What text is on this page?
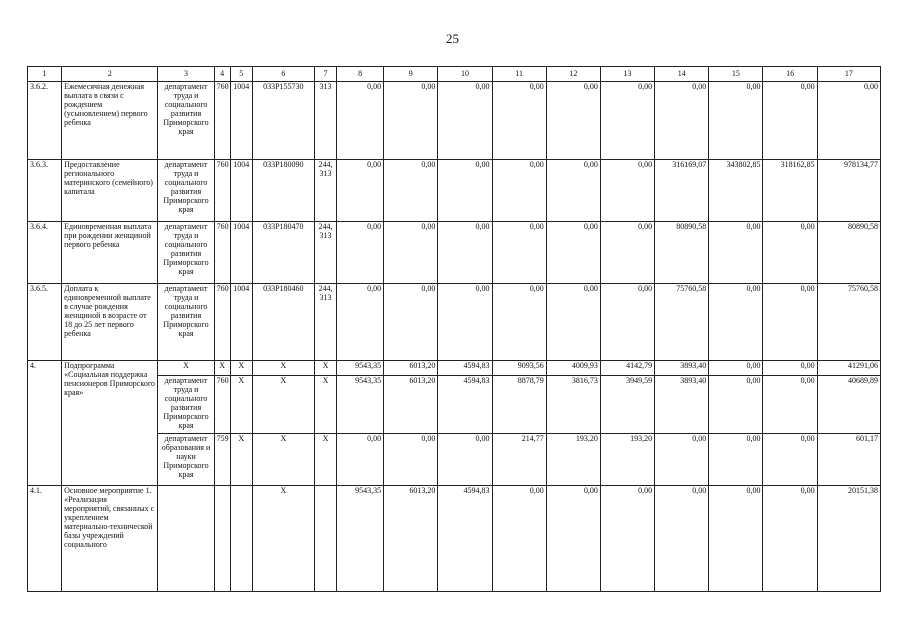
25
1	2	3	4	5	6	7	8	9	10	11	12	13	14	15	16	17
3.6.2.	Ежемесячная денежная выплата в связи с рождением (усыновлением) первого ребенка	департамент труда и социального развития Приморского края	760	1004	033P155730	313	0,00	0,00	0,00	0,00	0,00	0,00	0,00	0,00	0,00	0,00
3.6.3.	Предоставление регионального материнского (семейного) капитала	департамент труда и социального развития Приморского края	760	1004	033P180090	244, 313	0,00	0,00	0,00	0,00	0,00	0,00	316169,07	343802,85	318162,85	978134,77
3.6.4.	Единовременная выплата при рождении женщиной первого ребенка	департамент труда и социального развития Приморского края	760	1004	033P180470	244, 313	0,00	0,00	0,00	0,00	0,00	0,00	80890,58	0,00	0,00	80890,58
3.6.5.	Доплата к единовременной выплате в случае рождения женщиной в возрасте от 18 до 25 лет первого ребенка	департамент труда и социального развития Приморского края	760	1004	033P180460	244, 313	0,00	0,00	0,00	0,00	0,00	0,00	75760,58	0,00	0,00	75760,58
4.	Подпрограмма «Социальная поддержка пенсионеров Приморского края»	X	X	X	X	X	9543,35	6013,20	4594,83	9093,56	4009,93	4142,79	3893,40	0,00	0,00	41291,06
		департамент труда и социального развития Приморского края	760	X	X	X	9543,35	6013,20	4594,83	8878,79	3816,73	3949,59	3893,40	0,00	0,00	40689,89
		департамент образования и науки Приморского края	759	X	X	X	0,00	0,00	0,00	214,77	193,20	193,20	0,00	0,00	0,00	601,17
4.1.	Основное мероприятие 1. «Реализация мероприятий, связанных с укреплением материально-технической базы учреждений социального				X		9543,35	6013,20	4594,83	0,00	0,00	0,00	0,00	0,00	0,00	20151,38
